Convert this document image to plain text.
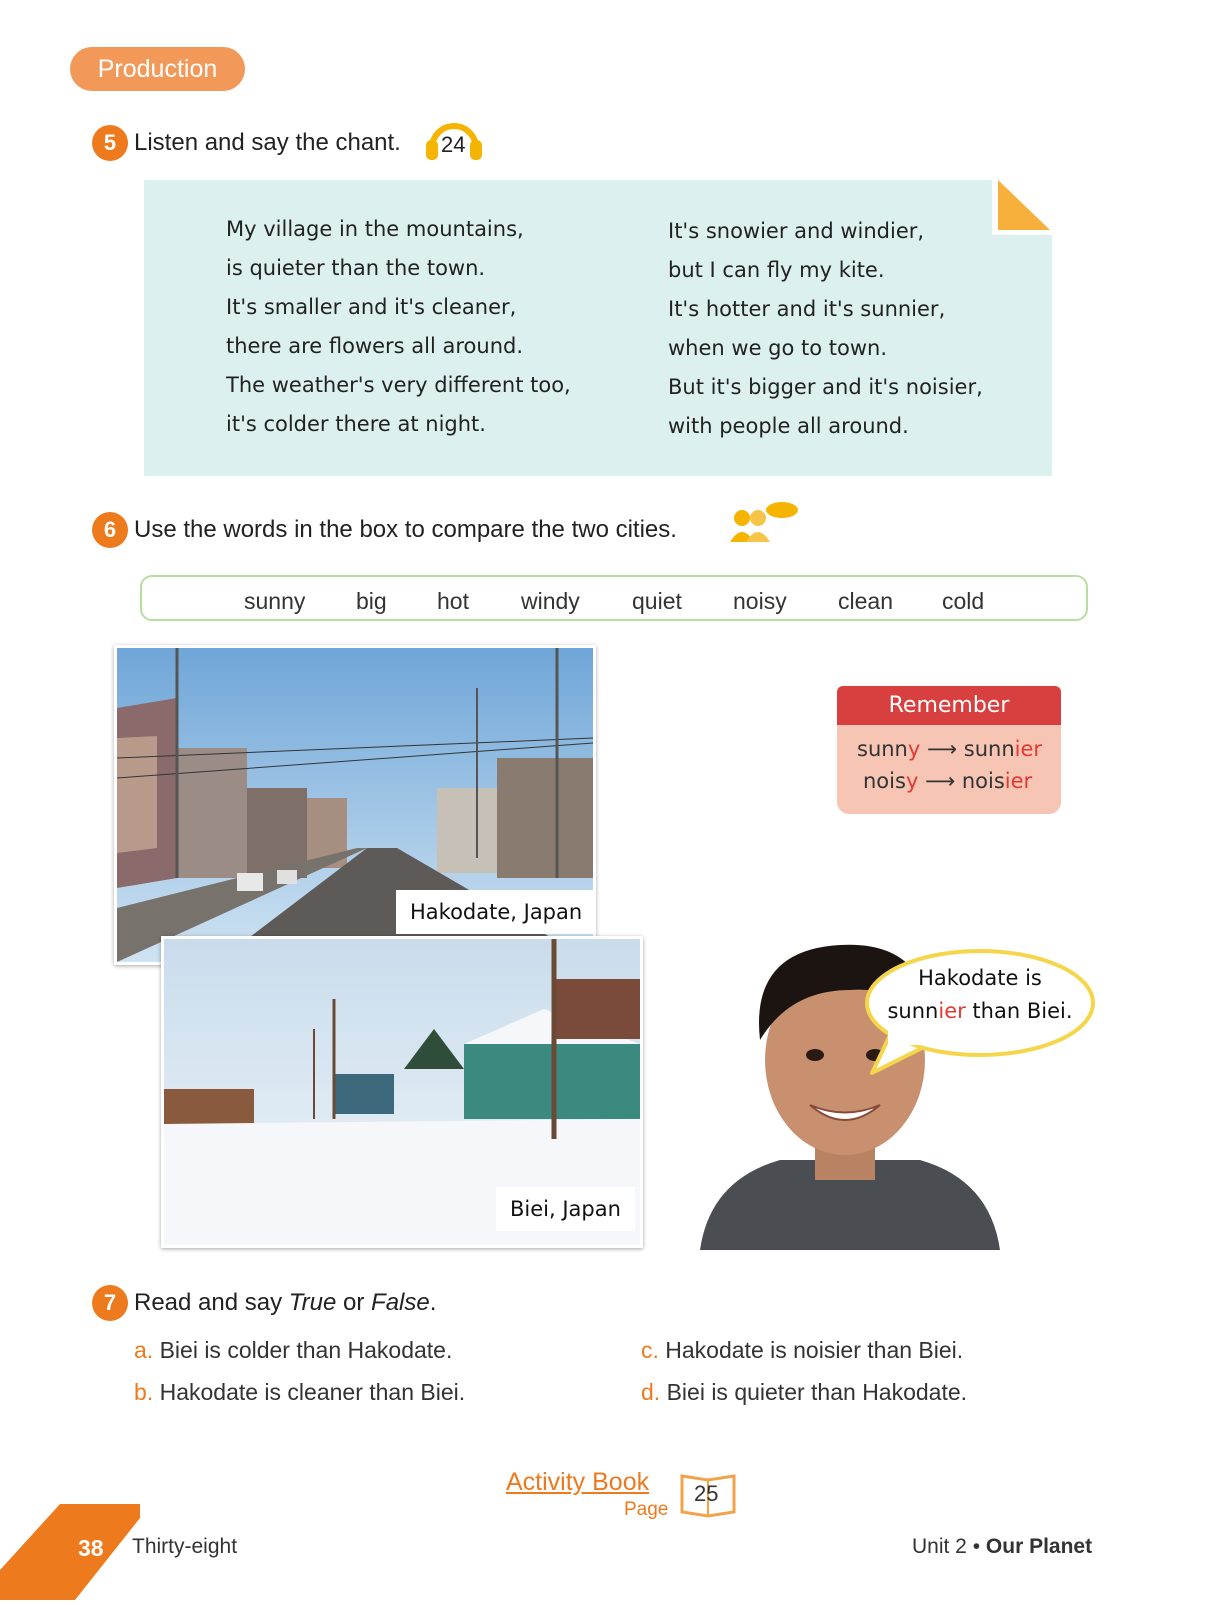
Production
5 Listen and say the chant. 24
My village in the mountains,
is quieter than the town.
It's smaller and it's cleaner,
there are flowers all around.
The weather's very different too,
it's colder there at night.
It's snowier and windier,
but I can fly my kite.
It's hotter and it's sunnier,
when we go to town.
But it's bigger and it's noisier,
with people all around.
6 Use the words in the box to compare the two cities.
sunny big hot windy quiet noisy clean cold
Hakodate, Japan
Biei, Japan
Remember
sunny ⟶ sunnier
noisy ⟶ noisier
Hakodate is
sunnier than Biei.
7 Read and say True or False.
a. Biei is colder than Hakodate.
b. Hakodate is cleaner than Biei.
c. Hakodate is noisier than Biei.
d. Biei is quieter than Hakodate.
Activity Book
Page
25
38 Thirty-eight	Unit 2 • Our Planet
